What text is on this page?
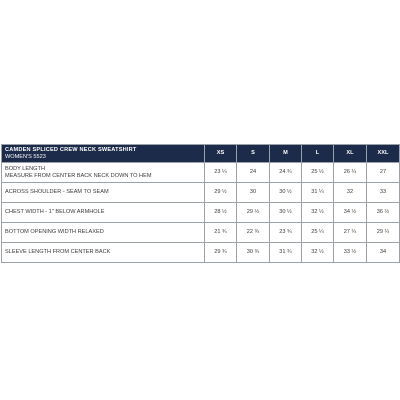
CAMDEN SPLICED CREW NECK SWEATSHIRT
WOMEN'S 5523	XS	S	M	L	XL	XXL

BODY LENGTH
MEASURE FROM CENTER BACK NECK DOWN TO HEM	23 ¼	24	24 ¾	25 ½	26 ¼	27

ACROSS SHOULDER - SEAM TO SEAM	29 ½	30	30 ½	31 ¼	32	33

CHEST WIDTH - 1" BELOW ARMHOLE	28 ½	29 ½	30 ½	32 ½	34 ½	36 ½

BOTTOM OPENING WIDTH RELAXED	21 ¾	22 ¾	23 ¾	25 ¼	27 ¼	29 ¼

SLEEVE LENGTH FROM CENTER BACK	29 ¾	30 ¾	31 ¾	32 ½	33 ½	34
